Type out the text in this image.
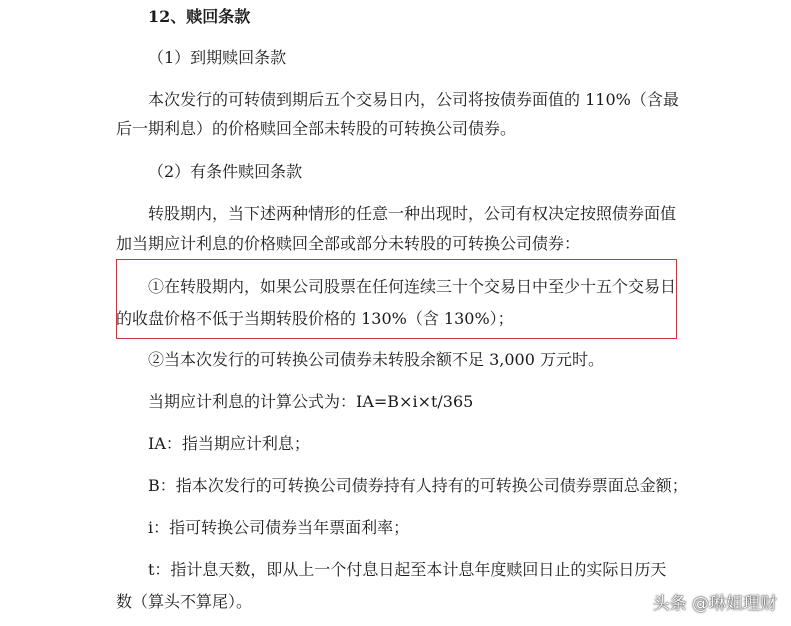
12、赎回条款
（1）到期赎回条款
本次发行的可转债到期后五个交易日内，公司将按债券面值的 110%（含最
后一期利息）的价格赎回全部未转股的可转换公司债券。
（2）有条件赎回条款
转股期内，当下述两种情形的任意一种出现时，公司有权决定按照债券面值
加当期应计利息的价格赎回全部或部分未转股的可转换公司债券：
①在转股期内，如果公司股票在任何连续三十个交易日中至少十五个交易日
的收盘价格不低于当期转股价格的 130%（含 130%）；
②当本次发行的可转换公司债券未转股余额不足 3,000 万元时。
当期应计利息的计算公式为：IA=B×i×t/365
IA：指当期应计利息；
B：指本次发行的可转换公司债券持有人持有的可转换公司债券票面总金额；
i：指可转换公司债券当年票面利率；
t：指计息天数，即从上一个付息日起至本计息年度赎回日止的实际日历天
数（算头不算尾）。	头条 @琳姐理财
